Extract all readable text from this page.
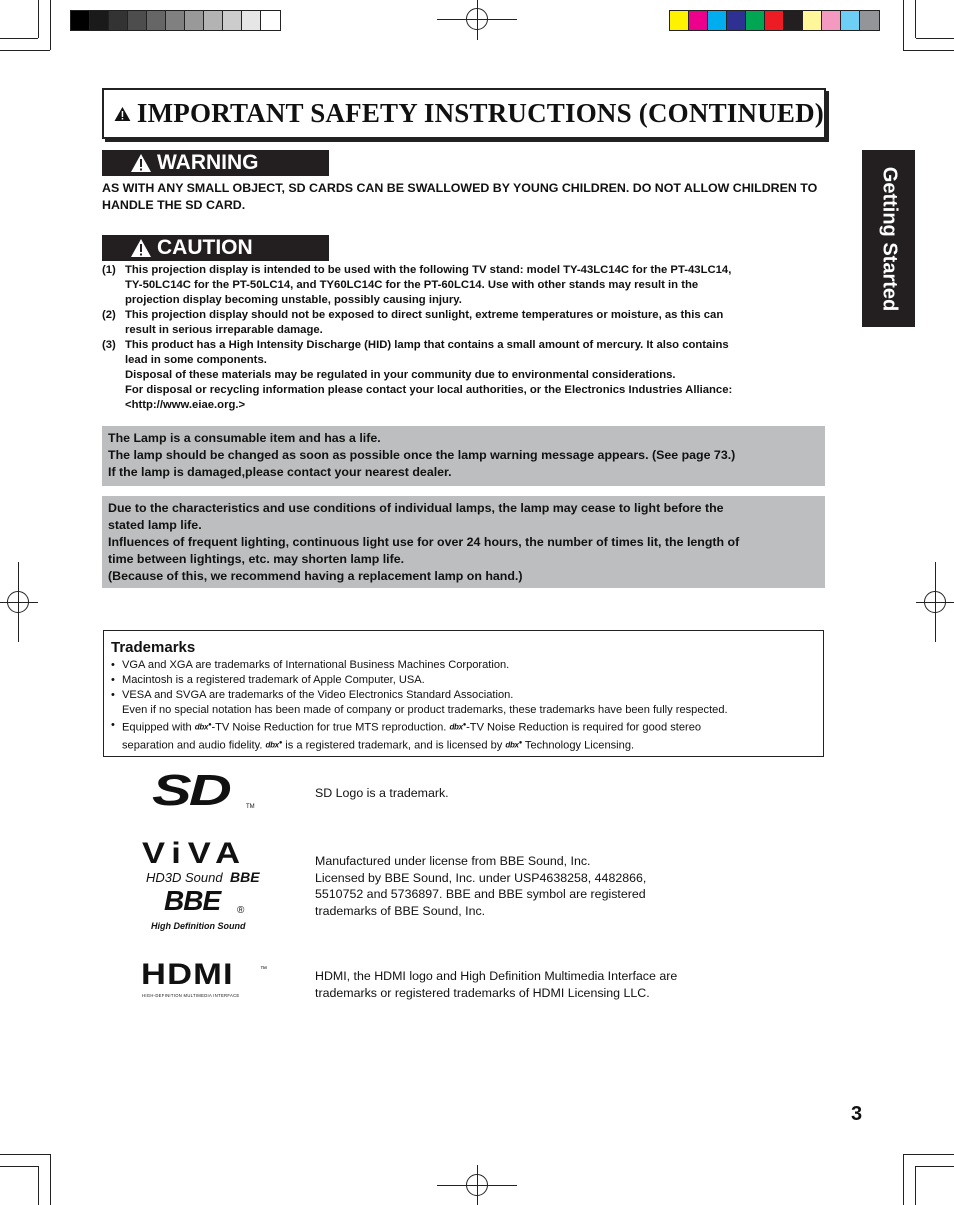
IMPORTANT SAFETY INSTRUCTIONS (CONTINUED)
Getting Started
WARNING
AS WITH ANY SMALL OBJECT, SD CARDS CAN BE SWALLOWED BY YOUNG CHILDREN. DO NOT ALLOW CHILDREN TO HANDLE THE SD CARD.
CAUTION
(1) This projection display is intended to be used with the following TV stand: model TY-43LC14C for the PT-43LC14,
TY-50LC14C for the PT-50LC14, and TY60LC14C for the PT-60LC14. Use with other stands may result in the
projection display becoming unstable, possibly causing injury.
(2) This projection display should not be exposed to direct sunlight, extreme temperatures or moisture, as this can
result in serious irreparable damage.
(3) This product has a High Intensity Discharge (HID) lamp that contains a small amount of mercury. It also contains
lead in some components.
Disposal of these materials may be regulated in your community due to environmental considerations.
For disposal or recycling information please contact your local authorities, or the Electronics Industries Alliance:
<http://www.eiae.org.>
The Lamp is a consumable item and has a life.
The lamp should be changed as soon as possible once the lamp warning message appears. (See page 73.)
If the lamp is damaged,please contact your nearest dealer.
Due to the characteristics and use conditions of individual lamps, the lamp may cease to light before the
stated lamp life.
Influences of frequent lighting, continuous light use for over 24 hours, the number of times lit, the length of
time between lightings, etc. may shorten lamp life.
(Because of this, we recommend having a replacement lamp on hand.)
Trademarks
• VGA and XGA are trademarks of International Business Machines Corporation.
• Macintosh is a registered trademark of Apple Computer, USA.
• VESA and SVGA are trademarks of the Video Electronics Standard Association.
Even if no special notation has been made of company or product trademarks, these trademarks have been fully respected.
• Equipped with dbx●-TV Noise Reduction for true MTS reproduction. dbx●-TV Noise Reduction is required for good stereo
separation and audio fidelity. dbx● is a registered trademark, and is licensed by dbx● Technology Licensing.
SD	TM
SD Logo is a trademark.
ViVA
HD3D Sound BBE
BBE ®
High Definition Sound
Manufactured under license from BBE Sound, Inc.
Licensed by BBE Sound, Inc. under USP4638258, 4482866,
5510752 and 5736897. BBE and BBE symbol are registered
trademarks of BBE Sound, Inc.
HDMI	™
HIGH-DEFINITION MULTIMEDIA INTERFACE
HDMI, the HDMI logo and High Definition Multimedia Interface are
trademarks or registered trademarks of HDMI Licensing LLC.
3
